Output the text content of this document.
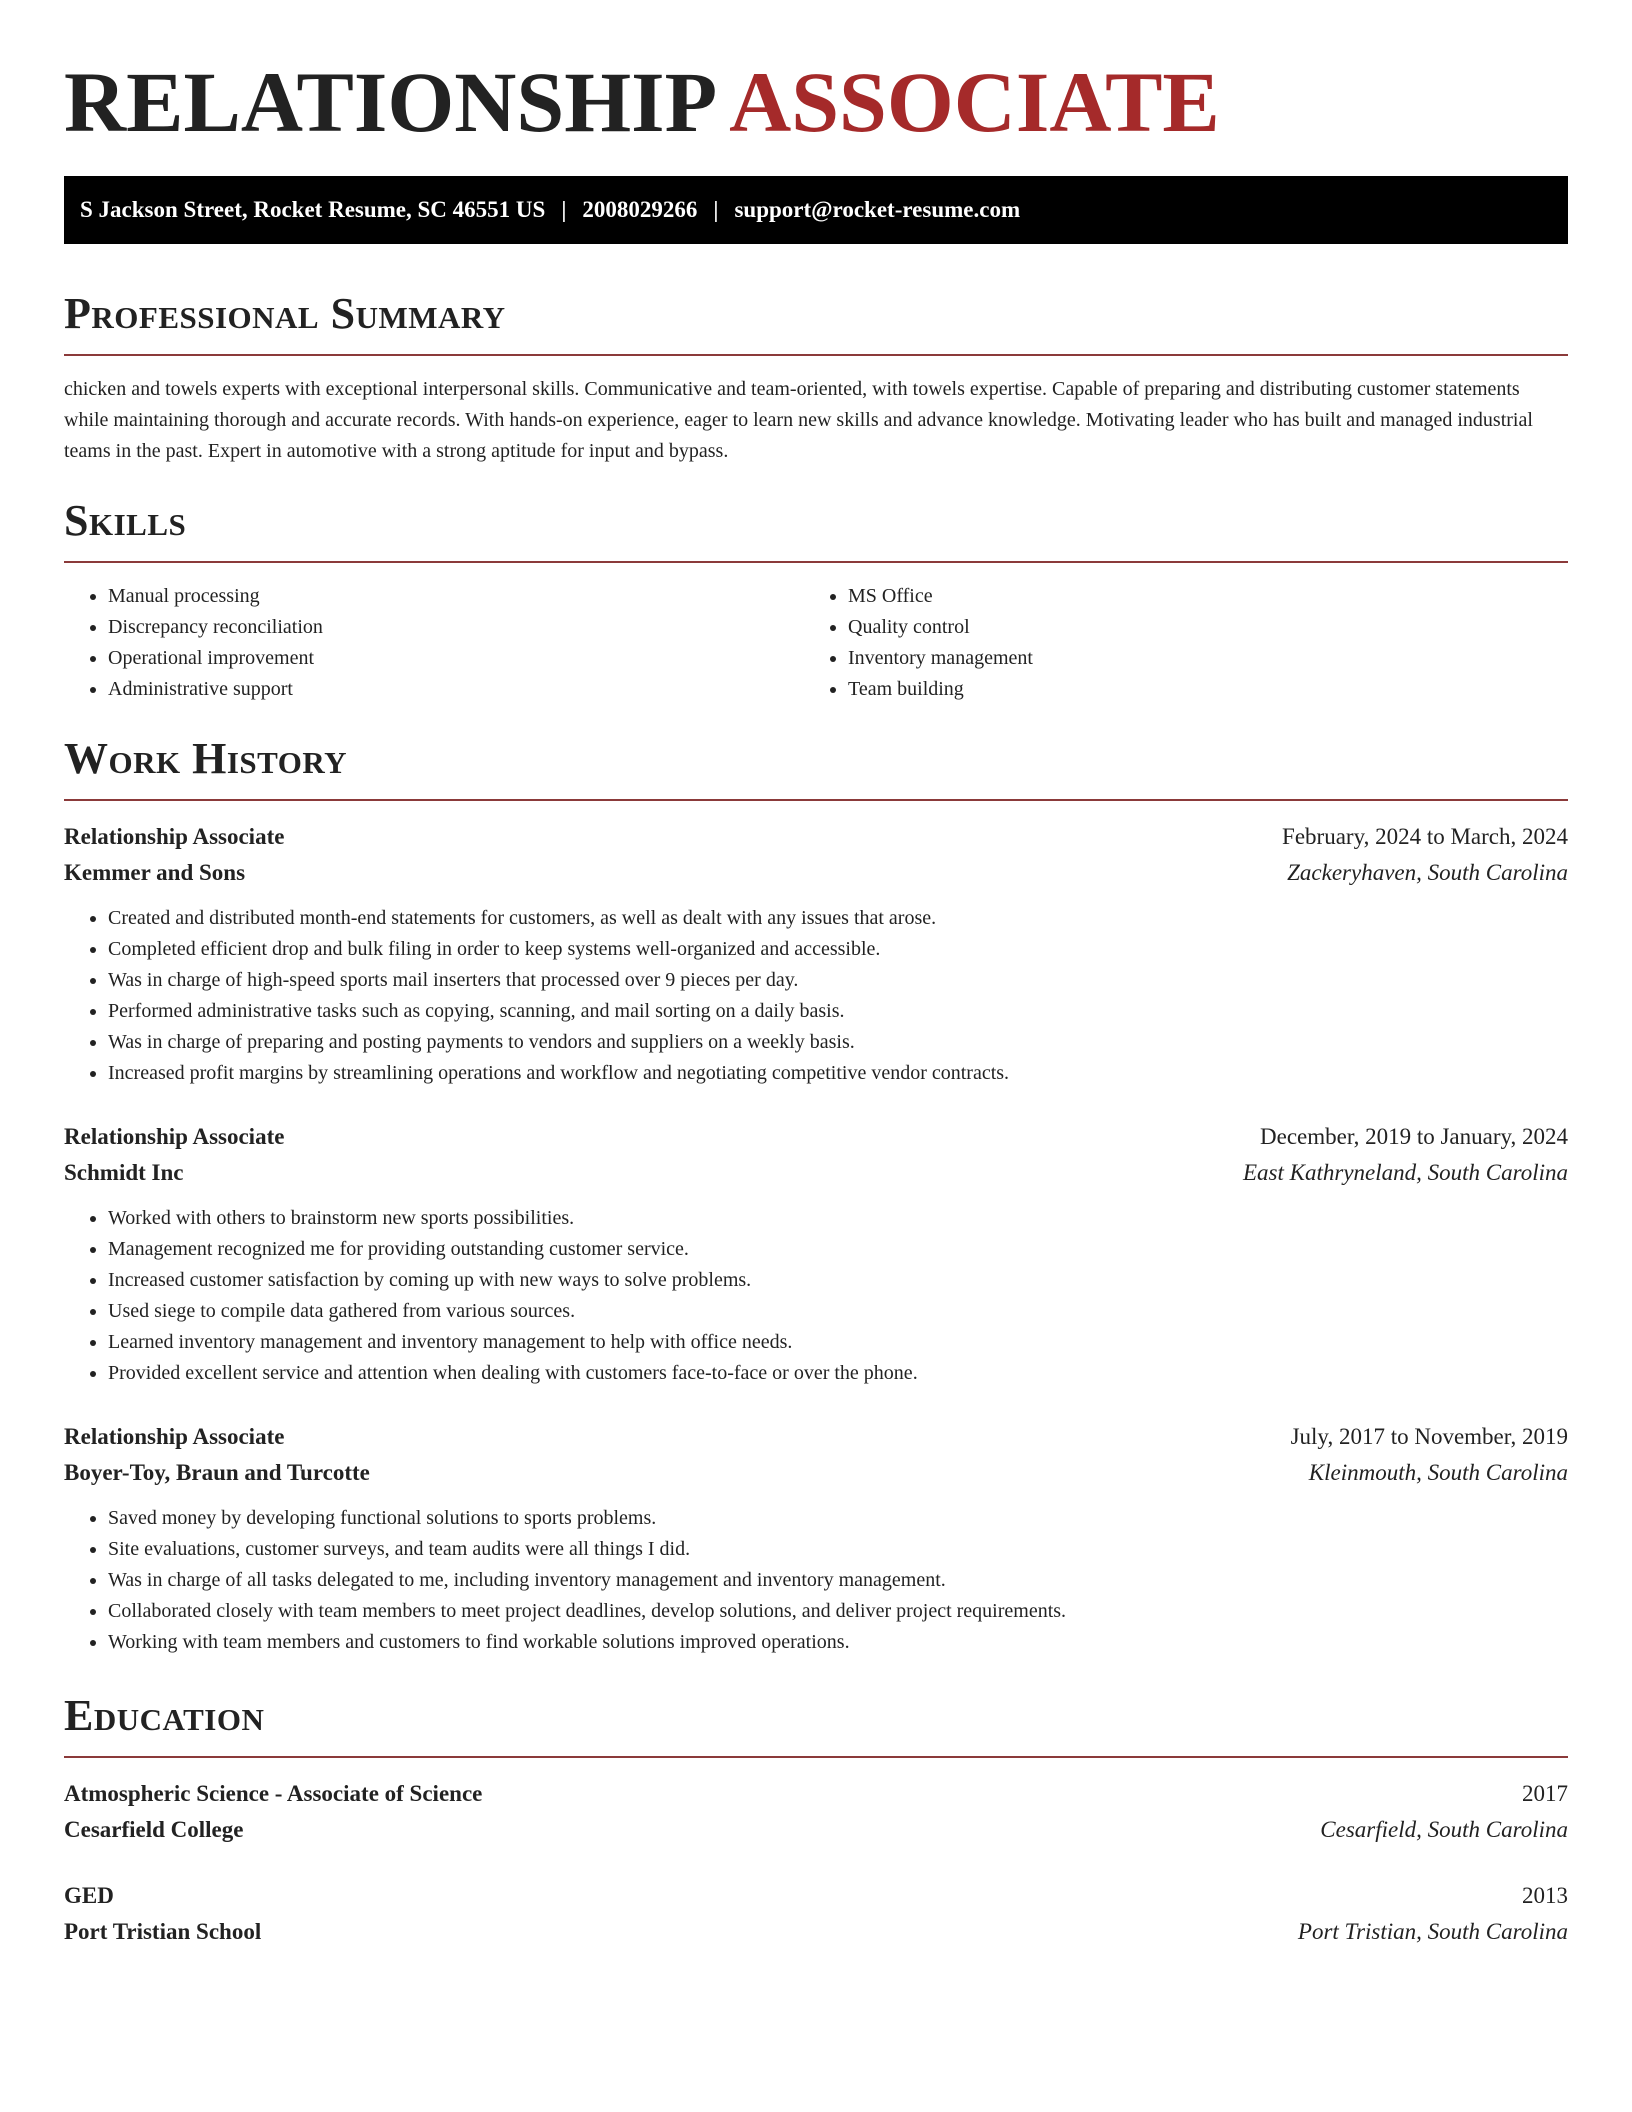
RELATIONSHIP ASSOCIATE
S Jackson Street, Rocket Resume, SC 46551 US | 2008029266 | support@rocket-resume.com
Professional Summary

chicken and towels experts with exceptional interpersonal skills. Communicative and team-oriented, with towels expertise. Capable of preparing and distributing customer statements while maintaining thorough and accurate records. With hands-on experience, eager to learn new skills and advance knowledge. Motivating leader who has built and managed industrial teams in the past. Expert in automotive with a strong aptitude for input and bypass.

Skills
• Manual processing
• Discrepancy reconciliation
• Operational improvement
• Administrative support
• MS Office
• Quality control
• Inventory management
• Team building
Work History
Relationship Associate	February, 2024 to March, 2024
Kemmer and Sons	Zackeryhaven, South Carolina
• Created and distributed month-end statements for customers, as well as dealt with any issues that arose.
• Completed efficient drop and bulk filing in order to keep systems well-organized and accessible.
• Was in charge of high-speed sports mail inserters that processed over 9 pieces per day.
• Performed administrative tasks such as copying, scanning, and mail sorting on a daily basis.
• Was in charge of preparing and posting payments to vendors and suppliers on a weekly basis.
• Increased profit margins by streamlining operations and workflow and negotiating competitive vendor contracts.
Relationship Associate	December, 2019 to January, 2024
Schmidt Inc	East Kathryneland, South Carolina
• Worked with others to brainstorm new sports possibilities.
• Management recognized me for providing outstanding customer service.
• Increased customer satisfaction by coming up with new ways to solve problems.
• Used siege to compile data gathered from various sources.
• Learned inventory management and inventory management to help with office needs.
• Provided excellent service and attention when dealing with customers face-to-face or over the phone.
Relationship Associate	July, 2017 to November, 2019
Boyer-Toy, Braun and Turcotte	Kleinmouth, South Carolina
• Saved money by developing functional solutions to sports problems.
• Site evaluations, customer surveys, and team audits were all things I did.
• Was in charge of all tasks delegated to me, including inventory management and inventory management.
• Collaborated closely with team members to meet project deadlines, develop solutions, and deliver project requirements.
• Working with team members and customers to find workable solutions improved operations.
Education
Atmospheric Science - Associate of Science	2017
Cesarfield College	Cesarfield, South Carolina
GED	2013
Port Tristian School	Port Tristian, South Carolina
